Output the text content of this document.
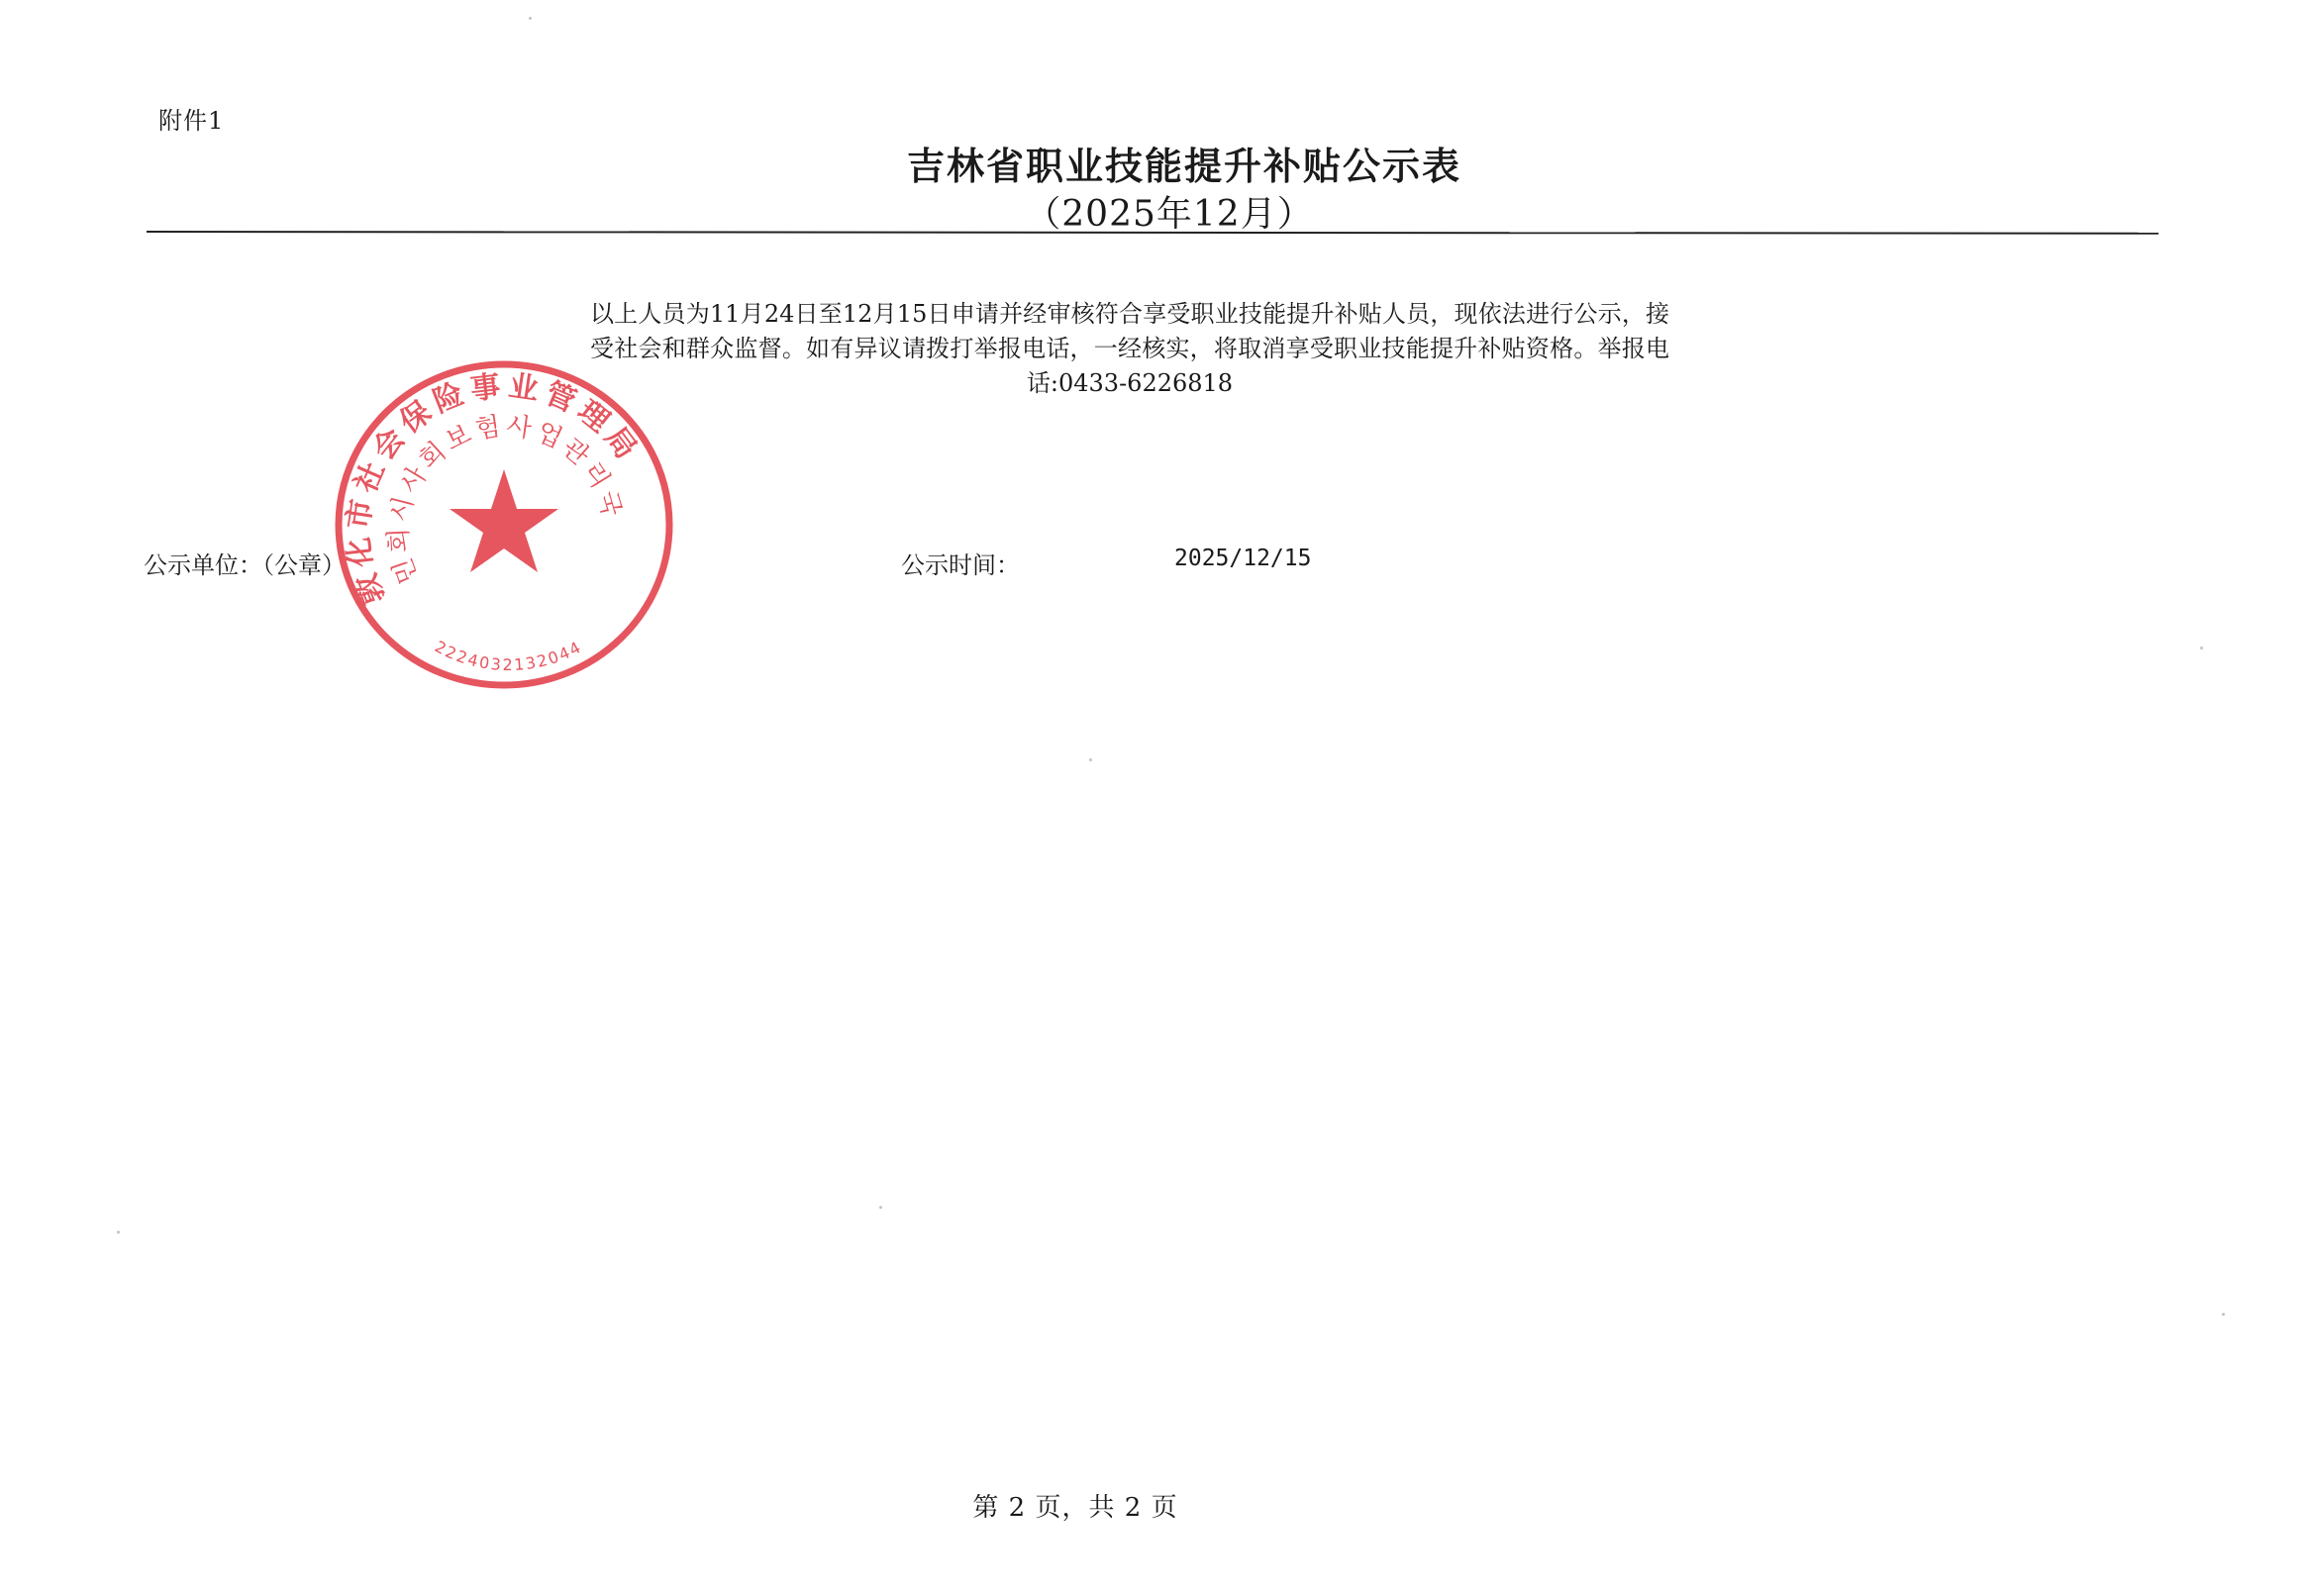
附件1
吉林省职业技能提升补贴公示表
（2025年12月）
以上人员为11月24日至12月15日申请并经审核符合享受职业技能提升补贴人员，现依法进行公示，接受社会和群众监督。如有异议请拨打举报电话，一经核实，将取消享受职业技能提升补贴资格。举报电话:0433-6226818
公示单位：（公章）	公示时间：	2025/12/15
敦化市社会保险事业管理局
민회시사회보험사업관리국
2224032132044
第 2 页，共 2 页
